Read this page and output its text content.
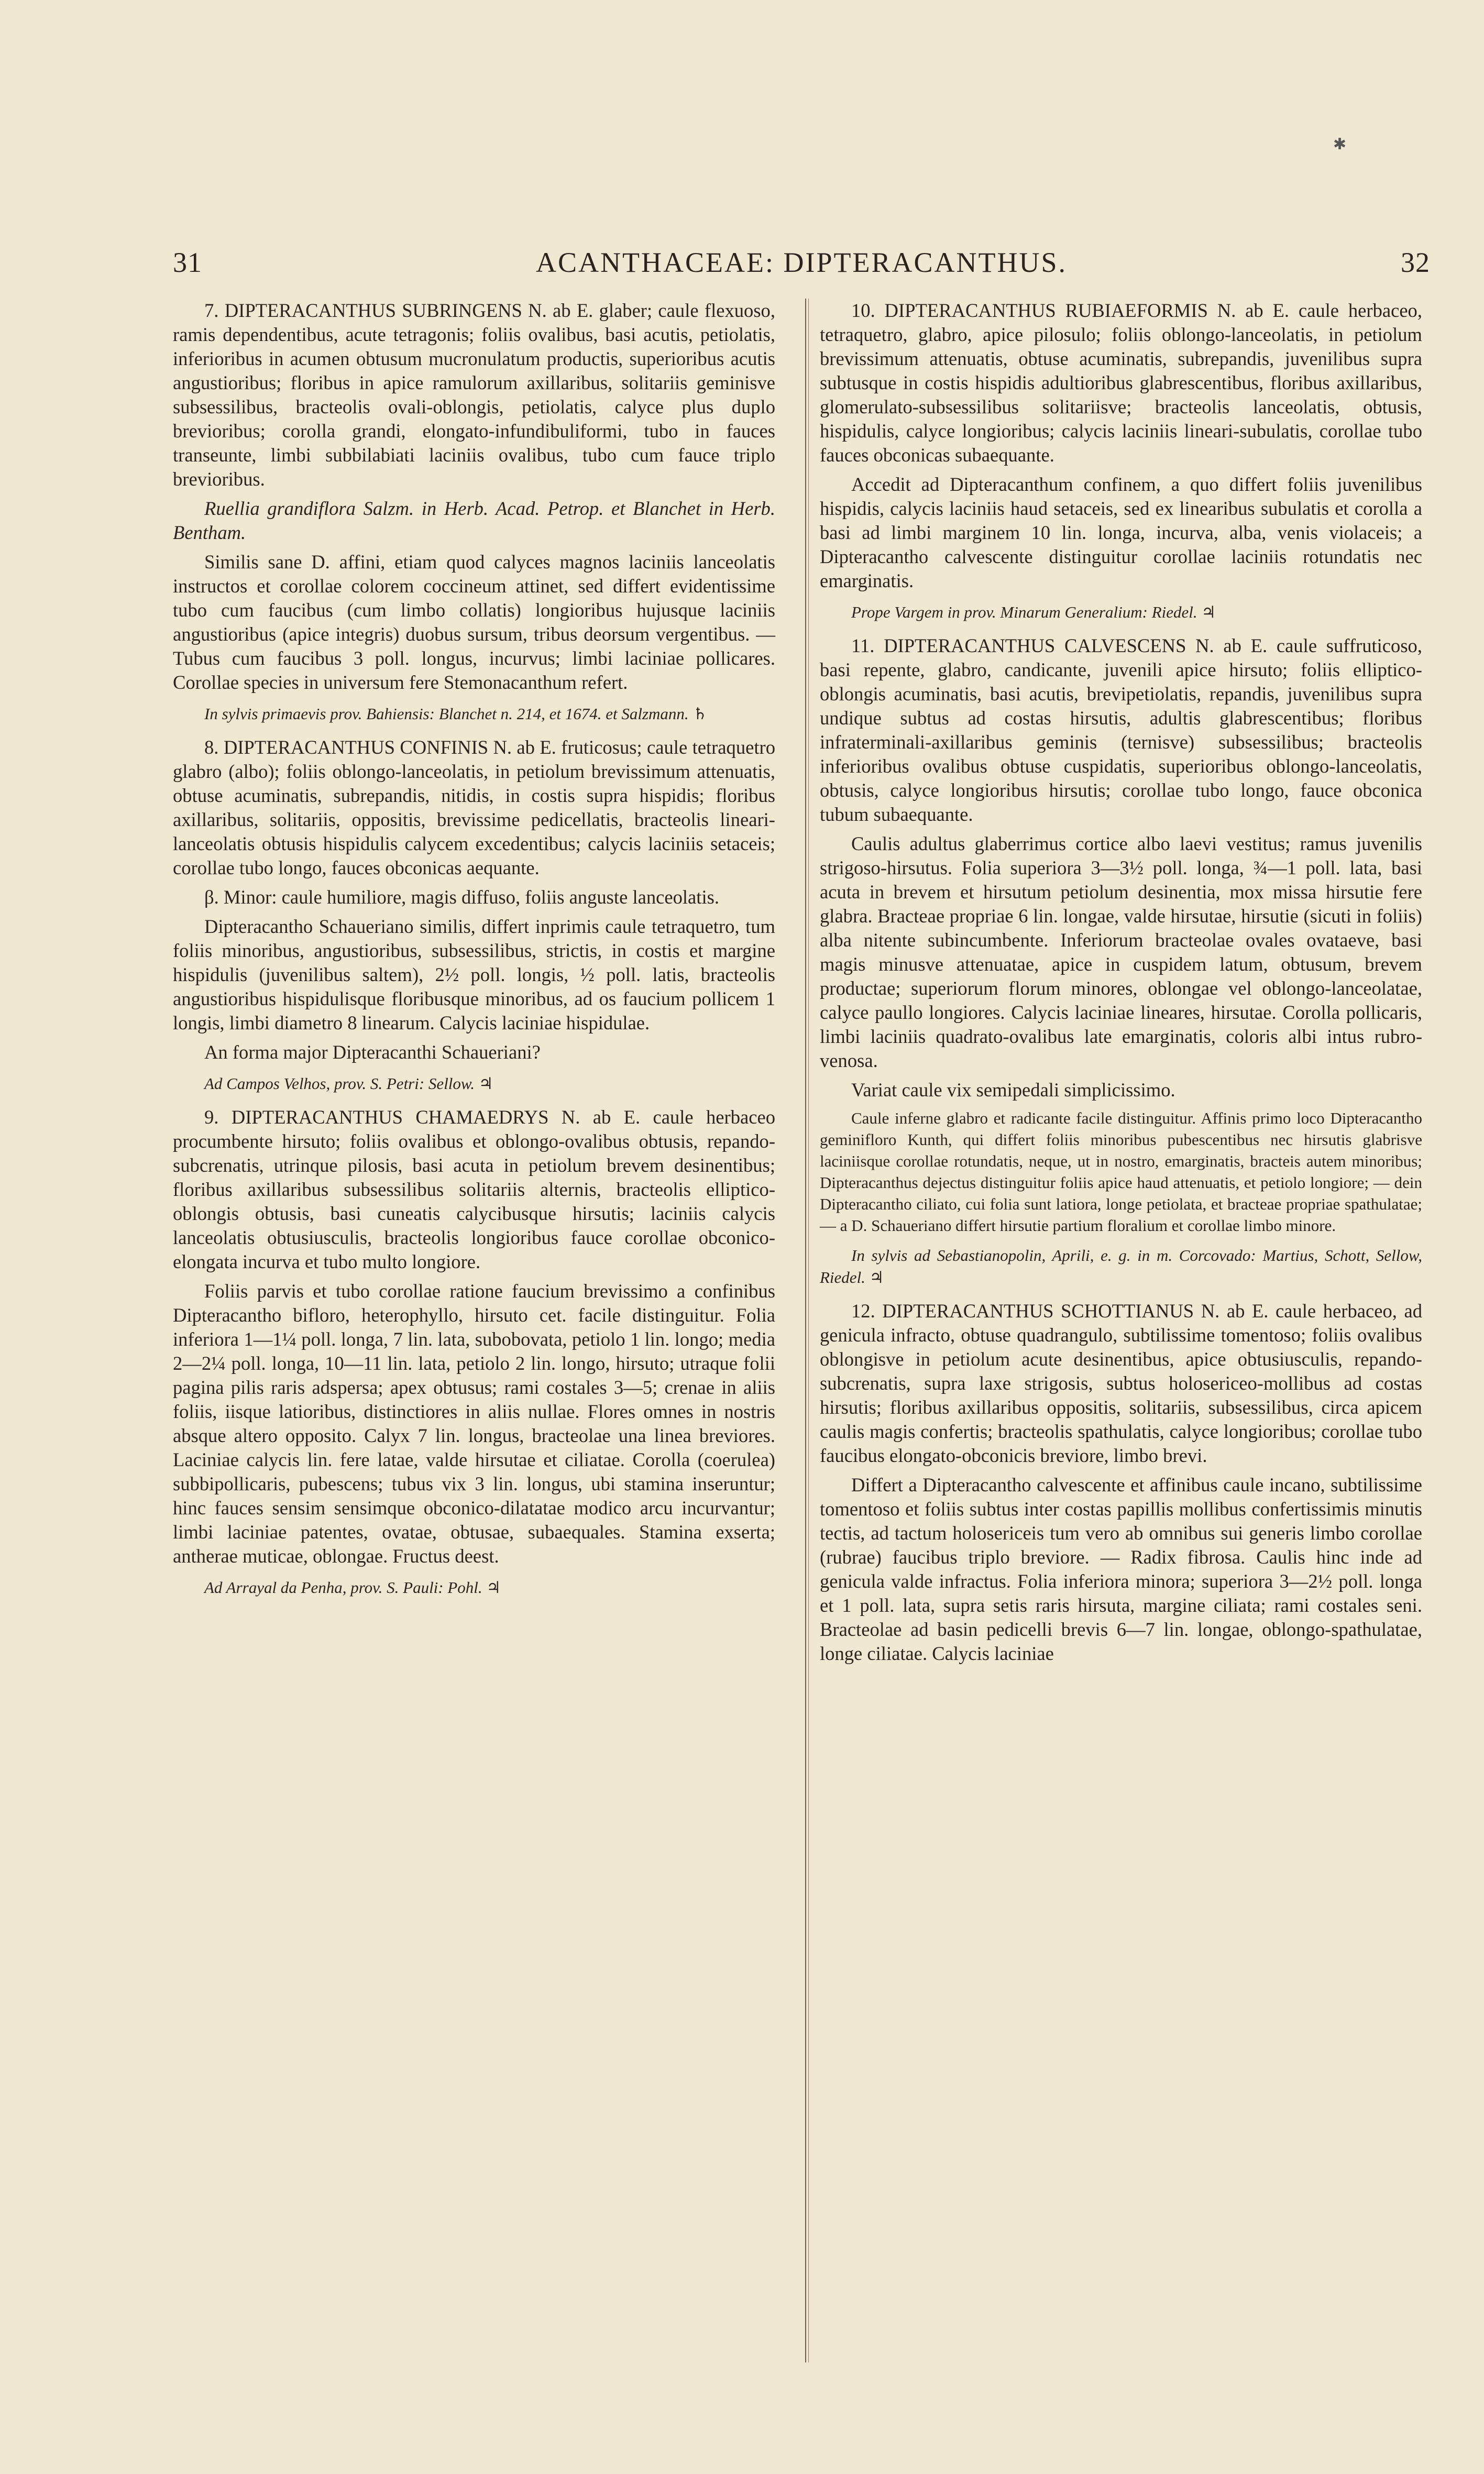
✱
31	ACANTHACEAE: DIPTERACANTHUS.	32

7. DIPTERACANTHUS SUBRINGENS N. ab E. glaber; caule flexuoso, ramis dependentibus, acute tetragonis; foliis ovalibus, basi acutis, petiolatis, inferioribus in acumen obtusum mucronulatum productis, superioribus acutis angustioribus; floribus in apice ramulorum axillaribus, solitariis geminisve subsessilibus, bracteolis ovali-oblongis, petiolatis, calyce plus duplo brevioribus; corolla grandi, elongato-infundibuliformi, tubo in fauces transeunte, limbi subbilabiati laciniis ovalibus, tubo cum fauce triplo brevioribus.

Ruellia grandiflora Salzm. in Herb. Acad. Petrop. et Blanchet in Herb. Bentham.

Similis sane D. affini, etiam quod calyces magnos laciniis lanceolatis instructos et corollae colorem coccineum attinet, sed differt evidentissime tubo cum faucibus (cum limbo collatis) longioribus hujusque laciniis angustioribus (apice integris) duobus sursum, tribus deorsum vergentibus. — Tubus cum faucibus 3 poll. longus, incurvus; limbi laciniae pollicares. Corollae species in universum fere Stemonacanthum refert.

In sylvis primaevis prov. Bahiensis: Blanchet n. 214, et 1674. et Salzmann. ♄

8. DIPTERACANTHUS CONFINIS N. ab E. fruticosus; caule tetraquetro glabro (albo); foliis oblongo-lanceolatis, in petiolum brevissimum attenuatis, obtuse acuminatis, subrepandis, nitidis, in costis supra hispidis; floribus axillaribus, solitariis, oppositis, brevissime pedicellatis, bracteolis lineari-lanceolatis obtusis hispidulis calycem excedentibus; calycis laciniis setaceis; corollae tubo longo, fauces obconicas aequante.

β. Minor: caule humiliore, magis diffuso, foliis anguste lanceolatis.

Dipteracantho Schaueriano similis, differt inprimis caule tetraquetro, tum foliis minoribus, angustioribus, subsessilibus, strictis, in costis et margine hispidulis (juvenilibus saltem), 2½ poll. longis, ½ poll. latis, bracteolis angustioribus hispidulisque floribusque minoribus, ad os faucium pollicem 1 longis, limbi diametro 8 linearum. Calycis laciniae hispidulae.

An forma major Dipteracanthi Schaueriani?

Ad Campos Velhos, prov. S. Petri: Sellow. ♃

9. DIPTERACANTHUS CHAMAEDRYS N. ab E. caule herbaceo procumbente hirsuto; foliis ovalibus et oblongo-ovalibus obtusis, repando-subcrenatis, utrinque pilosis, basi acuta in petiolum brevem desinentibus; floribus axillaribus subsessilibus solitariis alternis, bracteolis elliptico-oblongis obtusis, basi cuneatis calycibusque hirsutis; laciniis calycis lanceolatis obtusiusculis, bracteolis longioribus fauce corollae obconico-elongata incurva et tubo multo longiore.

Foliis parvis et tubo corollae ratione faucium brevissimo a confinibus Dipteracantho bifloro, heterophyllo, hirsuto cet. facile distinguitur. Folia inferiora 1—1¼ poll. longa, 7 lin. lata, subobovata, petiolo 1 lin. longo; media 2—2¼ poll. longa, 10—11 lin. lata, petiolo 2 lin. longo, hirsuto; utraque folii pagina pilis raris adspersa; apex obtusus; rami costales 3—5; crenae in aliis foliis, iisque latioribus, distinctiores in aliis nullae. Flores omnes in nostris absque altero opposito. Calyx 7 lin. longus, bracteolae una linea breviores. Laciniae calycis lin. fere latae, valde hirsutae et ciliatae. Corolla (coerulea) subbipollicaris, pubescens; tubus vix 3 lin. longus, ubi stamina inseruntur; hinc fauces sensim sensimque obconico-dilatatae modico arcu incurvantur; limbi laciniae patentes, ovatae, obtusae, subaequales. Stamina exserta; antherae muticae, oblongae. Fructus deest.

Ad Arrayal da Penha, prov. S. Pauli: Pohl. ♃

10. DIPTERACANTHUS RUBIAEFORMIS N. ab E. caule herbaceo, tetraquetro, glabro, apice pilosulo; foliis oblongo-lanceolatis, in petiolum brevissimum attenuatis, obtuse acuminatis, subrepandis, juvenilibus supra subtusque in costis hispidis adultioribus glabrescentibus, floribus axillaribus, glomerulato-subsessilibus solitariisve; bracteolis lanceolatis, obtusis, hispidulis, calyce longioribus; calycis laciniis lineari-subulatis, corollae tubo fauces obconicas subaequante.

Accedit ad Dipteracanthum confinem, a quo differt foliis juvenilibus hispidis, calycis laciniis haud setaceis, sed ex linearibus subulatis et corolla a basi ad limbi marginem 10 lin. longa, incurva, alba, venis violaceis; a Dipteracantho calvescente distinguitur corollae laciniis rotundatis nec emarginatis.

Prope Vargem in prov. Minarum Generalium: Riedel. ♃

11. DIPTERACANTHUS CALVESCENS N. ab E. caule suffruticoso, basi repente, glabro, candicante, juvenili apice hirsuto; foliis elliptico-oblongis acuminatis, basi acutis, brevipetiolatis, repandis, juvenilibus supra undique subtus ad costas hirsutis, adultis glabrescentibus; floribus infraterminali-axillaribus geminis (ternisve) subsessilibus; bracteolis inferioribus ovalibus obtuse cuspidatis, superioribus oblongo-lanceolatis, obtusis, calyce longioribus hirsutis; corollae tubo longo, fauce obconica tubum subaequante.

Caulis adultus glaberrimus cortice albo laevi vestitus; ramus juvenilis strigoso-hirsutus. Folia superiora 3—3½ poll. longa, ¾—1 poll. lata, basi acuta in brevem et hirsutum petiolum desinentia, mox missa hirsutie fere glabra. Bracteae propriae 6 lin. longae, valde hirsutae, hirsutie (sicuti in foliis) alba nitente subincumbente. Inferiorum bracteolae ovales ovataeve, basi magis minusve attenuatae, apice in cuspidem latum, obtusum, brevem productae; superiorum florum minores, oblongae vel oblongo-lanceolatae, calyce paullo longiores. Calycis laciniae lineares, hirsutae. Corolla pollicaris, limbi laciniis quadrato-ovalibus late emarginatis, coloris albi intus rubro-venosa.

Variat caule vix semipedali simplicissimo.

Caule inferne glabro et radicante facile distinguitur. Affinis primo loco Dipteracantho geminifloro Kunth, qui differt foliis minoribus pubescentibus nec hirsutis glabrisve laciniisque corollae rotundatis, neque, ut in nostro, emarginatis, bracteis autem minoribus; Dipteracanthus dejectus distinguitur foliis apice haud attenuatis, et petiolo longiore; — dein Dipteracantho ciliato, cui folia sunt latiora, longe petiolata, et bracteae propriae spathulatae; — a D. Schaueriano differt hirsutie partium floralium et corollae limbo minore.

In sylvis ad Sebastianopolin, Aprili, e. g. in m. Corcovado: Martius, Schott, Sellow, Riedel. ♃

12. DIPTERACANTHUS SCHOTTIANUS N. ab E. caule herbaceo, ad genicula infracto, obtuse quadrangulo, subtilissime tomentoso; foliis ovalibus oblongisve in petiolum acute desinentibus, apice obtusiusculis, repando-subcrenatis, supra laxe strigosis, subtus holosericeo-mollibus ad costas hirsutis; floribus axillaribus oppositis, solitariis, subsessilibus, circa apicem caulis magis confertis; bracteolis spathulatis, calyce longioribus; corollae tubo faucibus elongato-obconicis breviore, limbo brevi.

Differt a Dipteracantho calvescente et affinibus caule incano, subtilissime tomentoso et foliis subtus inter costas papillis mollibus confertissimis minutis tectis, ad tactum holosericeis tum vero ab omnibus sui generis limbo corollae (rubrae) faucibus triplo breviore. — Radix fibrosa. Caulis hinc inde ad genicula valde infractus. Folia inferiora minora; superiora 3—2½ poll. longa et 1 poll. lata, supra setis raris hirsuta, margine ciliata; rami costales seni. Bracteolae ad basin pedicelli brevis 6—7 lin. longae, oblongo-spathulatae, longe ciliatae. Calycis laciniae
